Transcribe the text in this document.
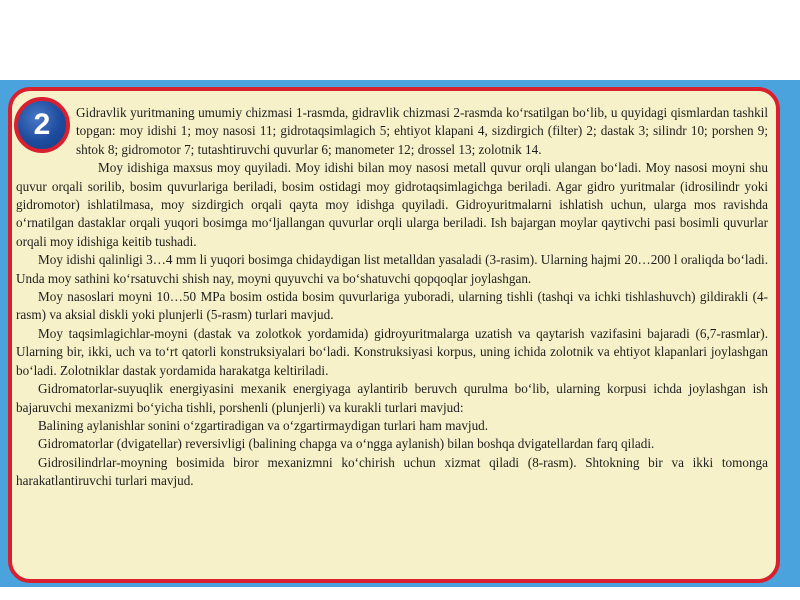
2	Gidravlik yuritmaning umumiy chizmasi 1-rasmda, gidravlik chizmasi 2-rasmda ko‘rsatilgan bo‘lib, u quyidagi qismlardan tashkil topgan: moy idishi 1; moy nasosi 11; gidrotaqsimlagich 5; ehtiyot klapani 4, sizdirgich (filter) 2; dastak 3; silindr 10; porshen 9; shtok 8; gidromotor 7; tutashtiruvchi quvurlar 6; manometer 12; drossel 13; zolotnik 14.

Moy idishiga maxsus moy quyiladi. Moy idishi bilan moy nasosi metall quvur orqli ulangan bo‘ladi. Moy nasosi moyni shu quvur orqali sorilib, bosim quvurlariga beriladi, bosim ostidagi moy gidrotaqsimlagichga beriladi. Agar gidro yuritmalar (idrosilindr yoki gidromotor) ishlatilmasa, moy sizdirgich orqali qayta moy idishga quyiladi. Gidroyuritmalarni ishlatish uchun, ularga mos ravishda o‘rnatilgan dastaklar orqali yuqori bosimga mo‘ljallangan quvurlar orqli ularga beriladi. Ish bajargan moylar qaytivchi pasi bosimli quvurlar orqali moy idishiga keitib tushadi.

Moy idishi qalinligi 3…4 mm li yuqori bosimga chidaydigan list metalldan yasaladi (3-rasim). Ularning hajmi 20…200 l oraliqda bo‘ladi. Unda moy sathini ko‘rsatuvchi shish nay, moyni quyuvchi va bo‘shatuvchi qopqoqlar joylashgan.

Moy nasoslari moyni 10…50 MPa bosim ostida bosim quvurlariga yuboradi, ularning tishli (tashqi va ichki tishlashuvch) gildirakli (4-rasm) va aksial diskli yoki plunjerli (5-rasm) turlari mavjud.

Moy taqsimlagichlar-moyni (dastak va zolotkok yordamida) gidroyuritmalarga uzatish va qaytarish vazifasini bajaradi (6,7-rasmlar). Ularning bir, ikki, uch va to‘rt qatorli konstruksiyalari bo‘ladi. Konstruksiyasi korpus, uning ichida zolotnik va ehtiyot klapanlari joylashgan bo‘ladi. Zolotniklar dastak yordamida harakatga keltiriladi.

Gidromatorlar-suyuqlik energiyasini mexanik energiyaga aylantirib beruvch qurulma bo‘lib, ularning korpusi ichda joylashgan ish bajaruvchi mexanizmi bo‘yicha tishli, porshenli (plunjerli) va kurakli turlari mavjud:

Balining aylanishlar sonini o‘zgartiradigan va o‘zgartirmaydigan turlari ham mavjud.

Gidromatorlar (dvigatellar) reversivligi (balining chapga va o‘ngga aylanish) bilan boshqa dvigatellardan farq qiladi.

Gidrosilindrlar-moyning bosimida biror mexanizmni ko‘chirish uchun xizmat qiladi (8-rasm). Shtokning bir va ikki tomonga harakatlantiruvchi turlari mavjud.
